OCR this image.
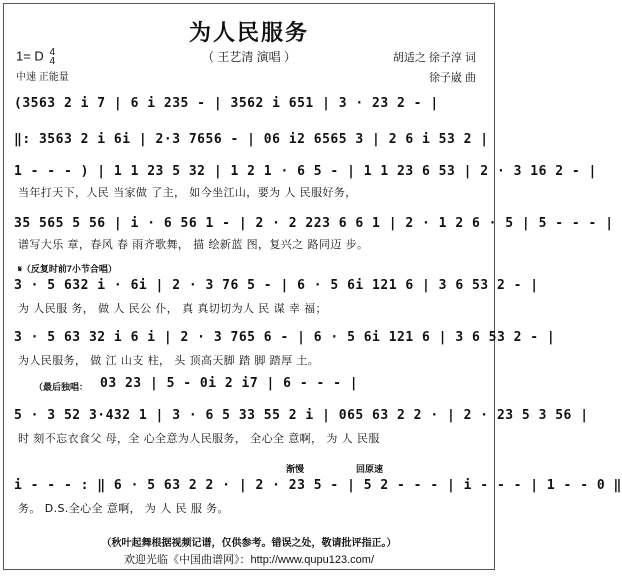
为人民服务
（ 王艺清 演唱 ）
1= D 4
4
中速 正能量
胡适之 徐子淳 词
徐子崴 曲
(3563 2 i 7 | 6 i 235 - | 3562 i 651 | 3 · 23 2 - |
‖: 3563 2 i 6i | 2·3 7656 - | 06 i2 6565 3 | 2 6 i 53 2 |
1 - - - ) | 1 1 23 5 32 | 1 2 1 · 6 5 - | 1 1 23 6 53 | 2 · 3 16 2 - |
当年打天下，人民 当家做 了主， 如今坐江山，要为 人 民服好务，
35 565 5 56 | i · 6 56 1 - | 2 · 2 223 6 6 1 | 2 · 1 2 6 · 5 | 5 - - - |
谱写大乐 章，春风 春 雨齐歌舞， 描 绘新蓝 图，复兴之 路同迈 步。
𝄋（反复时前7小节合唱）
3 · 5 632 i · 6i | 2 · 3 76 5 - | 6 · 5 6i 121 6 | 3 6 53 2 - |
为 人民服 务， 做 人 民公 仆， 真 真切切为人 民 谋 幸 福；
3 · 5 63 32 i 6 i | 2 · 3 765 6 - | 6 · 5 6i 121 6 | 3 6 53 2 - |
为人民服务， 做 江 山支 柱， 头 顶高天脚 踏 脚 踏厚 土。
（最后独唱： 03 23 | 5 - 0i 2 i7 | 6 - - - |
5 · 3 52 3·432 1 | 3 · 6 5 33 55 2 i | 065 63 2 2 · | 2 · 23 5 3 56 |
时 刻不忘衣食父 母，全 心全意为人民服务， 全心全 意啊， 为 人 民服
渐慢	回原速
i - - - : ‖ 6 · 5 63 2 2 · | 2 · 23 5 - | 5 2 - - - | i - - - | 1 - - 0 ‖
务。 D.S.全心全 意啊， 为 人 民 服 务。
（秋叶起舞根据视频记谱，仅供参考。错误之处，敬请批评指正。）
欢迎光临《中国曲谱网》：http://www.qupu123.com/
